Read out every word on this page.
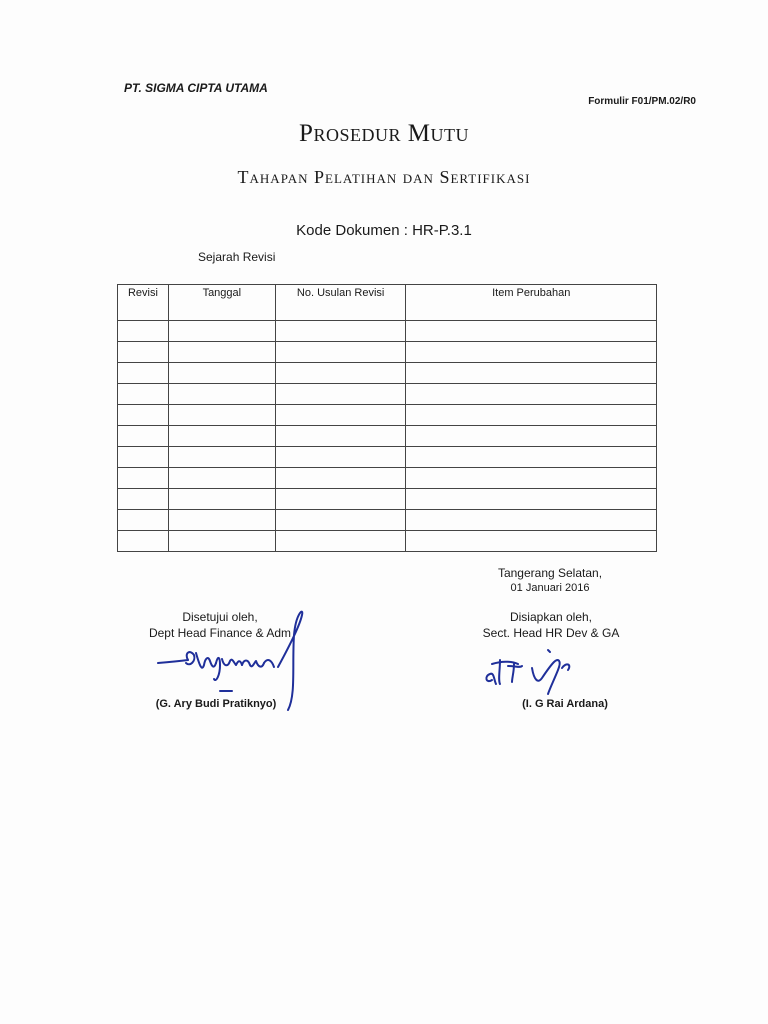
PT. SIGMA CIPTA UTAMA
Formulir F01/PM.02/R0
Prosedur Mutu
Tahapan Pelatihan dan Sertifikasi
Kode Dokumen : HR-P.3.1
Sejarah Revisi
Revisi	Tanggal	No. Usulan Revisi	Item Perubahan

Tangerang Selatan,
01 Januari 2016
Disetujui oleh,
Dept Head Finance & Adm
Disiapkan oleh,
Sect. Head HR Dev & GA
(G. Ary Budi Pratiknyo)	(I. G Rai Ardana)
